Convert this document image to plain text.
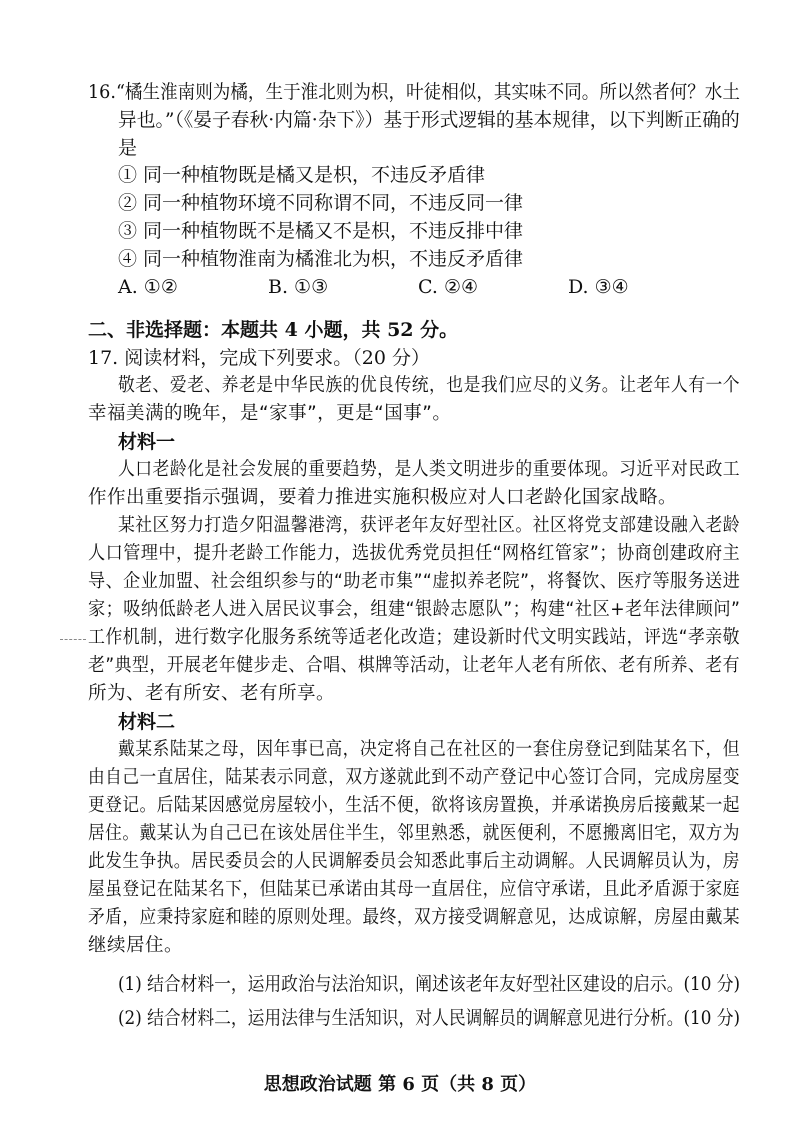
16.“橘生淮南则为橘，生于淮北则为枳，叶徒相似，其实味不同。所以然者何？水土
异也。”（《晏子春秋·内篇·杂下》）基于形式逻辑的基本规律，以下判断正确的
是
① 同一种植物既是橘又是枳，不违反矛盾律
② 同一种植物环境不同称谓不同，不违反同一律
③ 同一种植物既不是橘又不是枳，不违反排中律
④ 同一种植物淮南为橘淮北为枳，不违反矛盾律
A. ①②	B. ①③	C. ②④	D. ③④
二、非选择题：本题共 4 小题，共 52 分。
17. 阅读材料，完成下列要求。（20 分）
敬老、爱老、养老是中华民族的优良传统，也是我们应尽的义务。让老年人有一个
幸福美满的晚年，是“家事”，更是“国事”。
材料一
人口老龄化是社会发展的重要趋势，是人类文明进步的重要体现。习近平对民政工
作作出重要指示强调，要着力推进实施积极应对人口老龄化国家战略。
某社区努力打造夕阳温馨港湾，获评老年友好型社区。社区将党支部建设融入老龄
人口管理中，提升老龄工作能力，选拔优秀党员担任“网格红管家”；协商创建政府主
导、企业加盟、社会组织参与的“助老市集”“虚拟养老院”，将餐饮、医疗等服务送进
家；吸纳低龄老人进入居民议事会，组建“银龄志愿队”；构建“社区+老年法律顾问”
工作机制，进行数字化服务系统等适老化改造；建设新时代文明实践站，评选“孝亲敬
老”典型，开展老年健步走、合唱、棋牌等活动，让老年人老有所依、老有所养、老有
所为、老有所安、老有所享。
材料二
戴某系陆某之母，因年事已高，决定将自己在社区的一套住房登记到陆某名下，但
由自己一直居住，陆某表示同意，双方遂就此到不动产登记中心签订合同，完成房屋变
更登记。后陆某因感觉房屋较小，生活不便，欲将该房置换，并承诺换房后接戴某一起
居住。戴某认为自己已在该处居住半生，邻里熟悉，就医便利，不愿搬离旧宅，双方为
此发生争执。居民委员会的人民调解委员会知悉此事后主动调解。人民调解员认为，房
屋虽登记在陆某名下，但陆某已承诺由其母一直居住，应信守承诺，且此矛盾源于家庭
矛盾，应秉持家庭和睦的原则处理。最终，双方接受调解意见，达成谅解，房屋由戴某
继续居住。
(1) 结合材料一，运用政治与法治知识，阐述该老年友好型社区建设的启示。(10 分)
(2) 结合材料二，运用法律与生活知识，对人民调解员的调解意见进行分析。(10 分)
思想政治试题 第 6 页（共 8 页）
